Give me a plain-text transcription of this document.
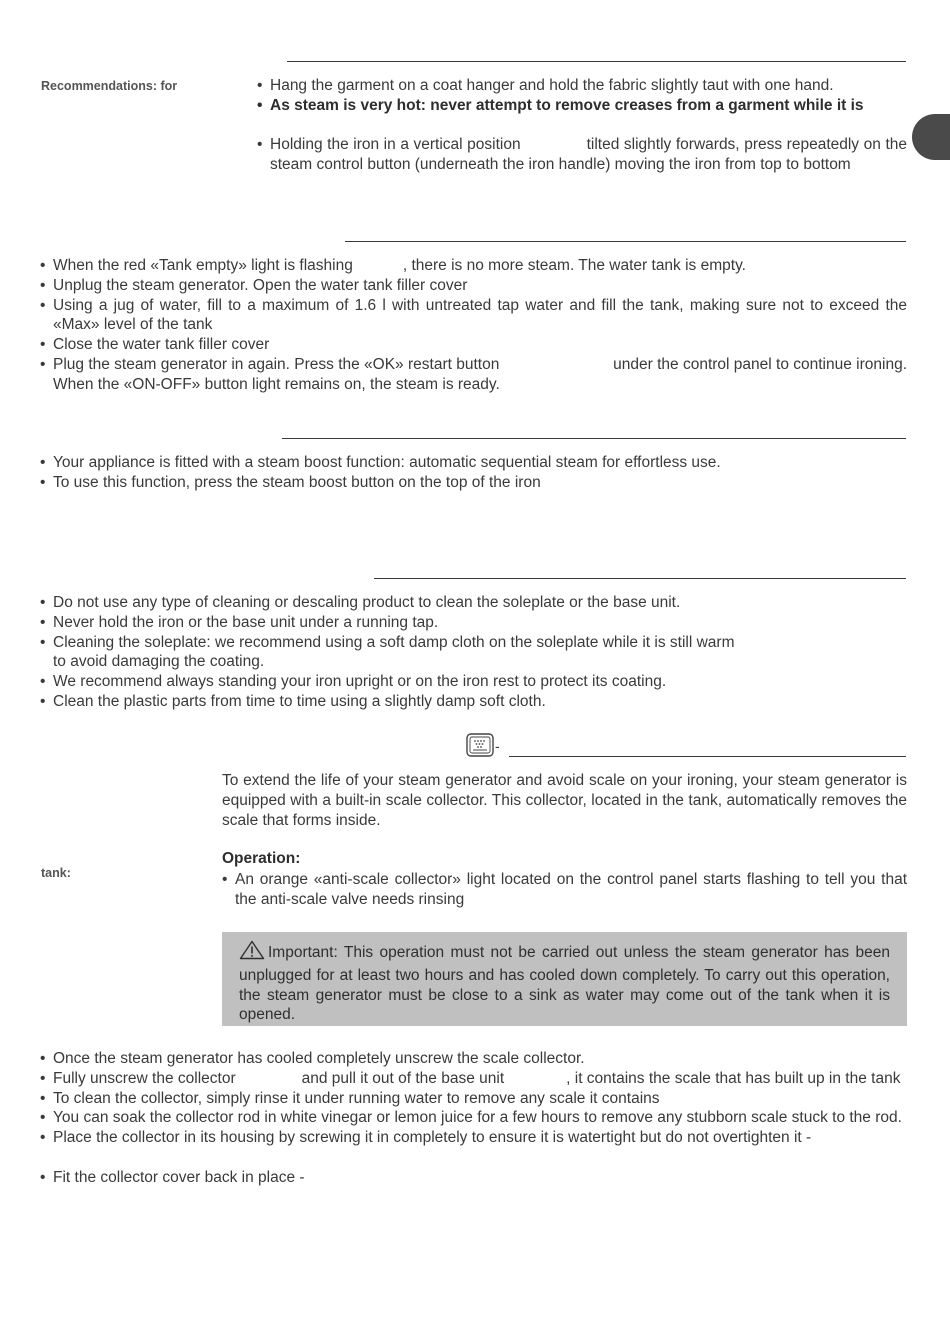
Recommendations: for
•	Hang the garment on a coat hanger and hold the fabric slightly taut with one hand.
• As steam is very hot: never attempt to remove creases from a garment while it is
• Holding the iron in a vertical position	tilted slightly forwards, press repeatedly on the steam control button (underneath the iron handle) moving the iron from top to bottom
• When the red «Tank empty» light is flashing	, there is no more steam. The water tank is empty.
• Unplug the steam generator. Open the water tank filler cover
• Using a jug of water, fill to a maximum of 1.6 l with untreated tap water and fill the tank, making sure not to exceed the «Max» level of the tank
• Close the water tank filler cover
• Plug the steam generator in again. Press the «OK» restart button	under the control panel to continue ironing.

When the «ON-OFF» button light remains on, the steam is ready.
• Your appliance is fitted with a steam boost function: automatic sequential steam for effortless use.
• To use this function, press the steam boost button on the top of the iron
• Do not use any type of cleaning or descaling product to clean the soleplate or the base unit.
• Never hold the iron or the base unit under a running tap.
• Cleaning the soleplate: we recommend using a soft damp cloth on the soleplate while it is still warm to avoid damaging the coating.
• We recommend always standing your iron upright or on the iron rest to protect its coating.
• Clean the plastic parts from time to time using a slightly damp soft cloth.
-
tank:
To extend the life of your steam generator and avoid scale on your ironing, your steam generator is equipped with a built-in scale collector. This collector, located in the tank, automatically removes the scale that forms inside.
Operation:
• An orange «anti-scale collector» light located on the control panel starts flashing to tell you that the anti-scale valve needs rinsing
Important: This operation must not be carried out unless the steam generator has been unplugged for at least two hours and has cooled down completely. To carry out this operation, the steam generator must be close to a sink as water may come out of the tank when it is opened.
• Once the steam generator has cooled completely unscrew the scale collector.
• Fully unscrew the collector	and pull it out of the base unit	, it contains the scale that has built up in the tank
• To clean the collector, simply rinse it under running water to remove any scale it contains
• You can soak the collector rod in white vinegar or lemon juice for a few hours to remove any stubborn scale stuck to the rod.
• Place the collector in its housing by screwing it in completely to ensure it is watertight but do not overtighten it -
• Fit the collector cover back in place -
